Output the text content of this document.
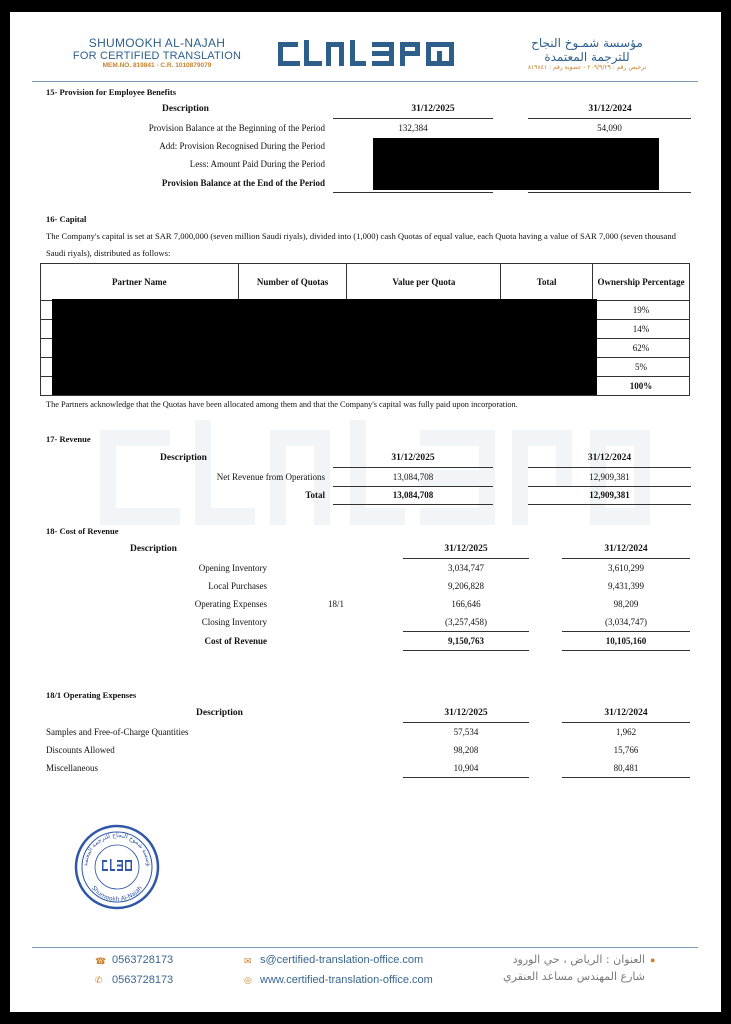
SHUMOOKH AL-NAJAH
FOR CERTIFIED TRANSLATION
MEM.NO. 819841 - C.R. 1010879079
مؤسسة شمـوخ النجاح
للترجمة المعتمدة
ترخيص رقم : ٢٠٩/٩/٢٩ - عضوية رقم : ٨١٩٨٤١
15- Provision for Employee Benefits
Description	31/12/2025	31/12/2024
Provision Balance at the Beginning of the Period	132,384	54,090
Add: Provision Recognised During the Period
Less: Amount Paid During the Period
Provision Balance at the End of the Period
16- Capital
The Company's capital is set at SAR 7,000,000 (seven million Saudi riyals), divided into (1,000) cash Quotas of equal value, each Quota having a value of SAR 7,000 (seven thousand Saudi riyals), distributed as follows:
Partner Name	Number of Quotas	Value per Quota	Total	Ownership Percentage
				19%
				14%
				62%
				5%
				100%
The Partners acknowledge that the Quotas have been allocated among them and that the Company's capital was fully paid upon incorporation.
17- Revenue
Description	31/12/2025	31/12/2024
Net Revenue from Operations	13,084,708	12,909,381
Total	13,084,708	12,909,381
18- Cost of Revenue
Description	31/12/2025	31/12/2024
Opening Inventory	3,034,747	3,610,299
Local Purchases	9,206,828	9,431,399
Operating Expenses	18/1	166,646	98,209
Closing Inventory	(3,257,458)	(3,034,747)
Cost of Revenue	9,150,763	10,105,160
18/1 Operating Expenses
Description	31/12/2025	31/12/2024
Samples and Free-of-Charge Quantities	57,534	1,962
Discounts Allowed	98,208	15,766
Miscellaneous	10,904	80,481
ؤسسة شموخ النجاح للترجمة المعتمد
Shumookh Al-Najah
☎ 0563728173
✆ 0563728173
✉ s@certified-translation-office.com
◎ www.certified-translation-office.com
●
العنوان : الرياض ، حي الورود
شارع المهندس مساعد العنقري
